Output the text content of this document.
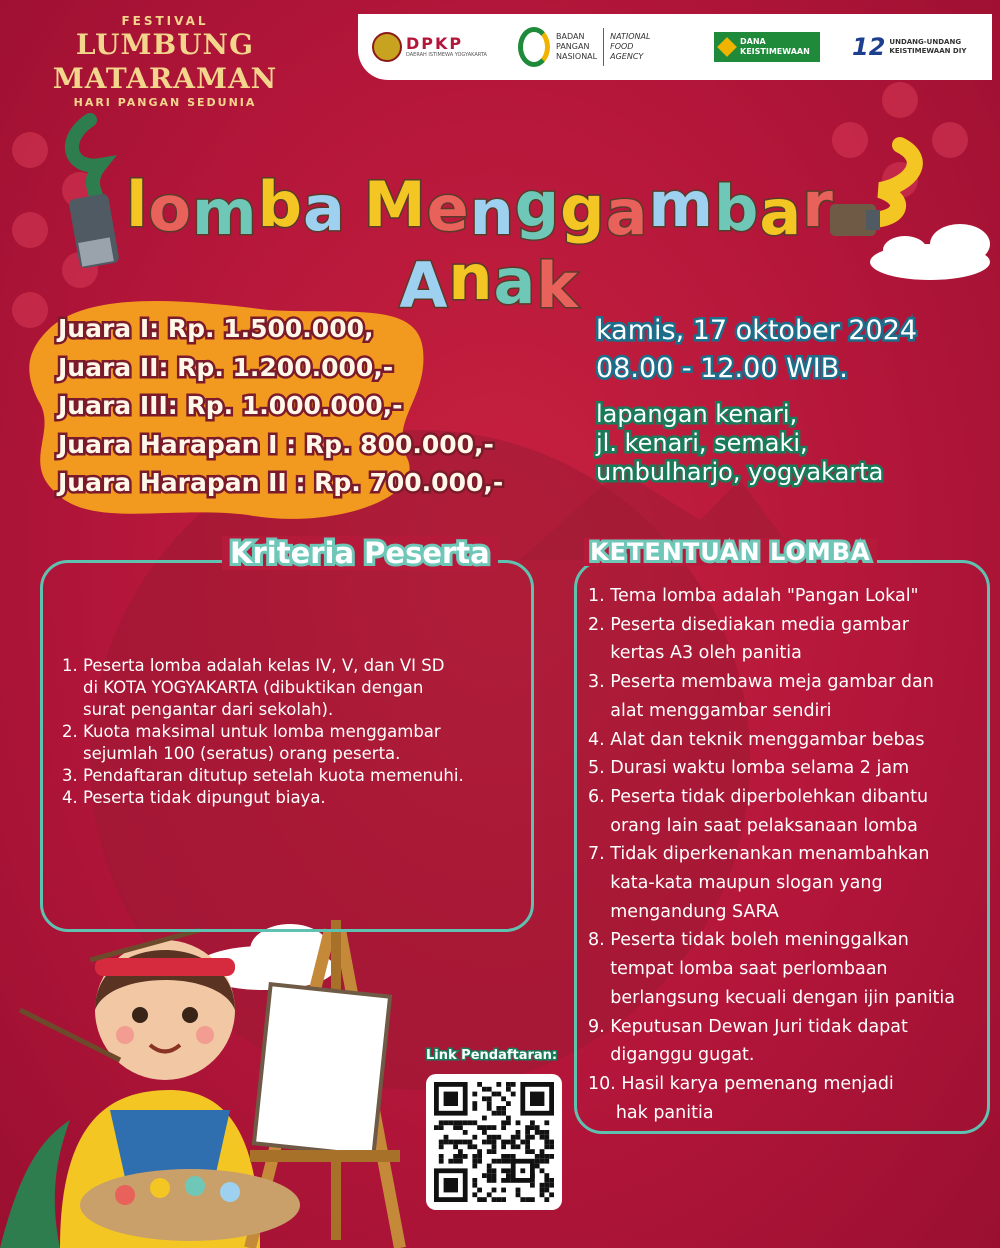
FESTIVAL
LUMBUNG MATARAMAN
HARI PANGAN SEDUNIA
DPKP
DAERAH ISTIMEWA YOGYAKARTA
BADAN
PANGAN
NASIONAL
NATIONAL
FOOD
AGENCY
DANA
KEISTIMEWAAN 12 UNDANG-UNDANG
KEISTIMEWAAN DIY
lomba Menggambar Anak
Juara I: Rp. 1.500.000,
Juara II: Rp. 1.200.000,-
Juara III: Rp. 1.000.000,-
Juara Harapan I : Rp. 800.000,-
Juara Harapan II : Rp. 700.000,-
kamis, 17 oktober 2024
08.00 - 12.00 WIB.
lapangan kenari,
jl. kenari, semaki,
umbulharjo, yogyakarta
Kriteria Peserta
1. Peserta lomba adalah kelas IV, V, dan VI SD
di KOTA YOGYAKARTA (dibuktikan dengan
surat pengantar dari sekolah).
2. Kuota maksimal untuk lomba menggambar
sejumlah 100 (seratus) orang peserta.
3. Pendaftaran ditutup setelah kuota memenuhi.
4. Peserta tidak dipungut biaya.
KETENTUAN LOMBA
1. Tema lomba adalah "Pangan Lokal"
2. Peserta disediakan media gambar
kertas A3 oleh panitia
3. Peserta membawa meja gambar dan
alat menggambar sendiri
4. Alat dan teknik menggambar bebas
5. Durasi waktu lomba selama 2 jam
6. Peserta tidak diperbolehkan dibantu
orang lain saat pelaksanaan lomba
7. Tidak diperkenankan menambahkan
kata-kata maupun slogan yang
mengandung SARA
8. Peserta tidak boleh meninggalkan
tempat lomba saat perlombaan
berlangsung kecuali dengan ijin panitia
9. Keputusan Dewan Juri tidak dapat
diganggu gugat.
10. Hasil karya pemenang menjadi
hak panitia
Link Pendaftaran:
